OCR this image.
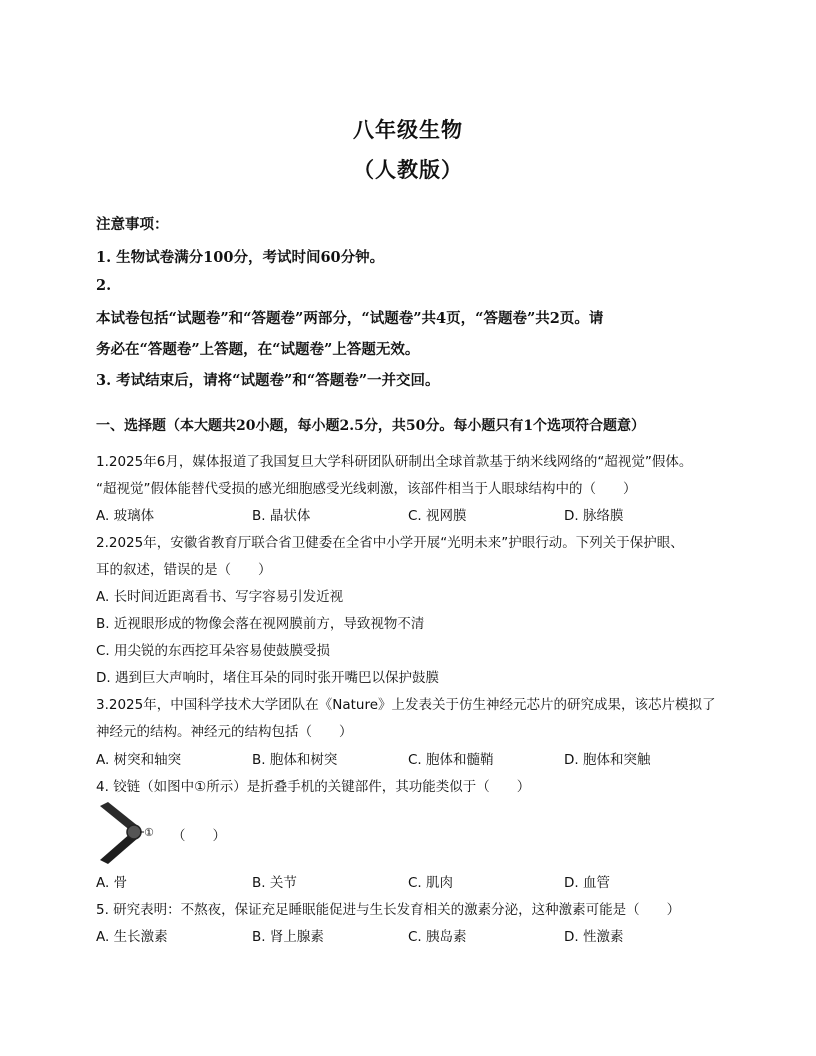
八年级生物
（人教版）
注意事项：
1. 生物试卷满分100分，考试时间60分钟。
2.
本试卷包括“试题卷”和“答题卷”两部分，“试题卷”共4页，“答题卷”共2页。请
务必在“答题卷”上答题，在“试题卷”上答题无效。
3. 考试结束后，请将“试题卷”和“答题卷”一并交回。
一、选择题（本大题共20小题，每小题2.5分，共50分。每小题只有1个选项符合题意）
1.2025年6月，媒体报道了我国复旦大学科研团队研制出全球首款基于纳米线网络的“超视觉”假体。
“超视觉”假体能替代受损的感光细胞感受光线刺激，该部件相当于人眼球结构中的（　　）
A. 玻璃体	B. 晶状体	C. 视网膜	D. 脉络膜
2.2025年，安徽省教育厅联合省卫健委在全省中小学开展“光明未来”护眼行动。下列关于保护眼、
耳的叙述，错误的是（　　）
A. 长时间近距离看书、写字容易引发近视
B. 近视眼形成的物像会落在视网膜前方，导致视物不清
C. 用尖锐的东西挖耳朵容易使鼓膜受损
D. 遇到巨大声响时，堵住耳朵的同时张开嘴巴以保护鼓膜
3.2025年，中国科学技术大学团队在《Nature》上发表关于仿生神经元芯片的研究成果，该芯片模拟了
神经元的结构。神经元的结构包括（　　）
A. 树突和轴突	B. 胞体和树突	C. 胞体和髓鞘	D. 胞体和突触
4. 铰链（如图中①所示）是折叠手机的关键部件，其功能类似于（　　）
① （　　）
A. 骨	B. 关节	C. 肌肉	D. 血管
5. 研究表明：不熬夜，保证充足睡眠能促进与生长发育相关的激素分泌，这种激素可能是（　　）
A. 生长激素	B. 肾上腺素	C. 胰岛素	D. 性激素
